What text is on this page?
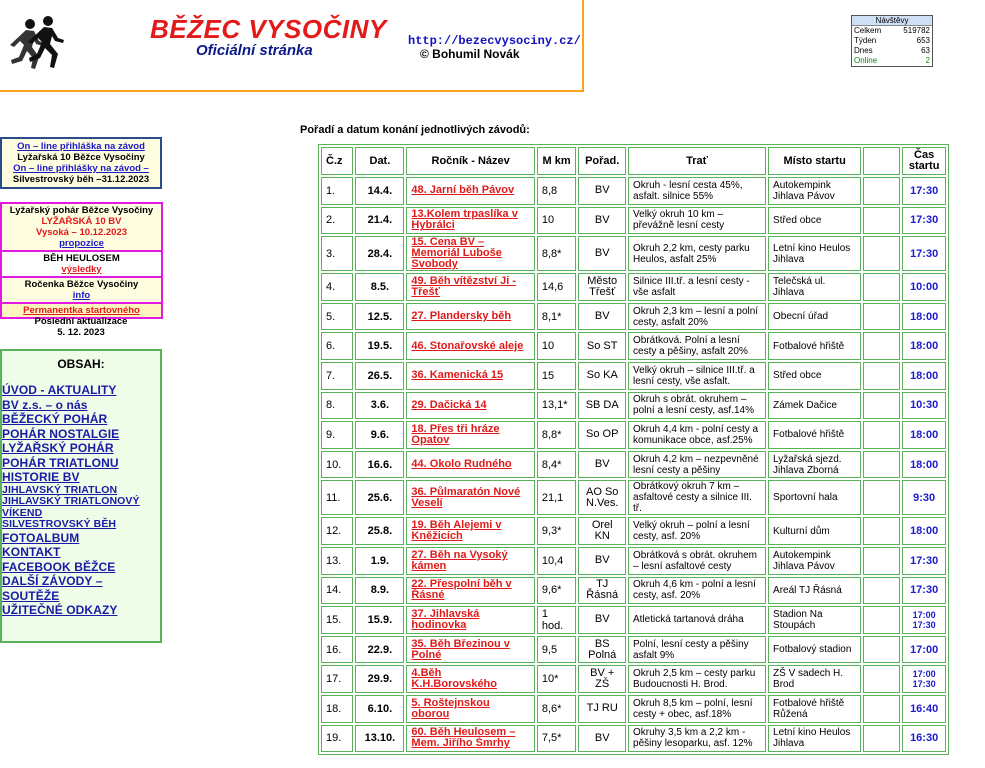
BĚŽEC VYSOČINY
Oficiální stránka
http://bezecvysociny.cz/
© Bohumil Novák
Návštěvy
Celkem	519782
Týden	653
Dnes	63
Online	2
On – line přihláška na závod
Lyžařská 10 Běžce Vysočiny
On – line přihlášky na závod –
Silvestrovský běh –31.12.2023
Lyžařský pohár Běžce Vysočiny
LYŽAŘSKÁ 10 BV
Vysoká – 10.12.2023
propozice
BĚH HEULOSEM
výsledky
Ročenka Běžce Vysočiny
info
Permanentka startovného
Poslední aktualizace
5. 12. 2023
OBSAH:
ÚVOD - AKTUALITY
BV z.s. – o nás
BĚŽECKÝ POHÁR
POHÁR NOSTALGIE
LYŽAŘSKÝ POHÁR
POHÁR TRIATLONU
HISTORIE BV
JIHLAVSKÝ TRIATLON
JIHLAVSKÝ TRIATLONOVÝ VÍKEND
SILVESTROVSKÝ BĚH
FOTOALBUM
KONTAKT
FACEBOOK BĚŽCE
DALŠÍ ZÁVODY – SOUTĚŽE
UŽITEČNÉ ODKAZY
Pořadí a datum konání jednotlivých závodů:
Č.z	Dat.	Ročník - Název	M km	Pořad.	Trať	Místo startu		Čas startu
1.	14.4.	48. Jarní běh Pávov	8,8	BV	Okruh - lesní cesta 45%, asfalt. silnice 55%	Autokempink Jihlava Pávov		17:30
2.	21.4.	13.Kolem trpaslíka v Hybrálci	10	BV	Velký okruh 10 km – převážně lesní cesty	Střed obce		17:30
3.	28.4.	15. Cena BV – Memoriál Luboše Svobody	8,8*	BV	Okruh 2,2 km, cesty parku Heulos, asfalt 25%	Letní kino Heulos Jihlava		17:30
4.	8.5.	49. Běh vítězství Ji - Třešť	14,6	Město Třešť	Silnice III.tř. a lesní cesty - vše asfalt	Telečská ul. Jihlava		10:00
5.	12.5.	27. Plandersky běh	8,1*	BV	Okruh 2,3 km – lesní a polní cesty, asfalt 20%	Obecní úřad		18:00
6.	19.5.	46. Stonařovské aleje	10	So ST	Obrátková. Polní a lesní cesty a pěšiny, asfalt 20%	Fotbalové hřiště		18:00
7.	26.5.	36. Kamenická 15	15	So KA	Velký okruh – silnice III.tř. a lesní cesty, vše asfalt.	Střed obce		18:00
8.	3.6.	29. Dačická 14	13,1*	SB DA	Okruh s obrát. okruhem – polní a lesní cesty, asf.14%	Zámek Dačice		10:30
9.	9.6.	18. Přes tři hráze Opatov	8,8*	So OP	Okruh 4,4 km - polní cesty a komunikace obce, asf.25%	Fotbalové hřiště		18:00
10.	16.6.	44. Okolo Rudného	8,4*	BV	Okruh 4,2 km – nezpevněné lesní cesty a pěšiny	Lyžařská sjezd. Jihlava Zborná		18:00
11.	25.6.	36. Půlmaratón Nové Veselí	21,1	AO So N.Ves.	Obrátkový okruh 7 km – asfaltové cesty a silnice III. tř.	Sportovní hala		9:30
12.	25.8.	19. Běh Alejemi v Kněžicích	9,3*	Orel KN	Velký okruh – polní a lesní cesty, asf. 20%	Kulturní dům		18:00
13.	1.9.	27. Běh na Vysoký kámen	10,4	BV	Obrátková s obrát. okruhem – lesní asfaltové cesty	Autokempink Jihlava Pávov		17:30
14.	8.9.	22. Přespolní běh v Řásné	9,6*	TJ Řásná	Okruh 4,6 km - polní a lesní cesty, asf. 20%	Areál TJ Řásná		17:30
15.	15.9.	37. Jihlavská hodinovka	1 hod.	BV	Atletická tartanová dráha	Stadion Na Stoupách		17:00 17:30
16.	22.9.	35. Běh Březinou v Polné	9,5	BS Polná	Polní, lesní cesty a pěšiny asfalt 9%	Fotbalový stadion		17:00
17.	29.9.	4.Běh K.H.Borovského	10*	BV + ZŠ	Okruh 2,5 km – cesty parku Budoucnosti H. Brod.	ZŠ V sadech H. Brod		17:00 17:30
18.	6.10.	5. Roštejnskou oborou	8,6*	TJ RU	Okruh 8,5 km – polní, lesní cesty + obec, asf.18%	Fotbalové hřiště Růžená		16:40
19.	13.10.	60. Běh Heulosem – Mem. Jiřího Šmrhy	7,5*	BV	Okruhy 3,5 km a 2,2 km - pěšiny lesoparku, asf. 12%	Letní kino Heulos Jihlava		16:30
